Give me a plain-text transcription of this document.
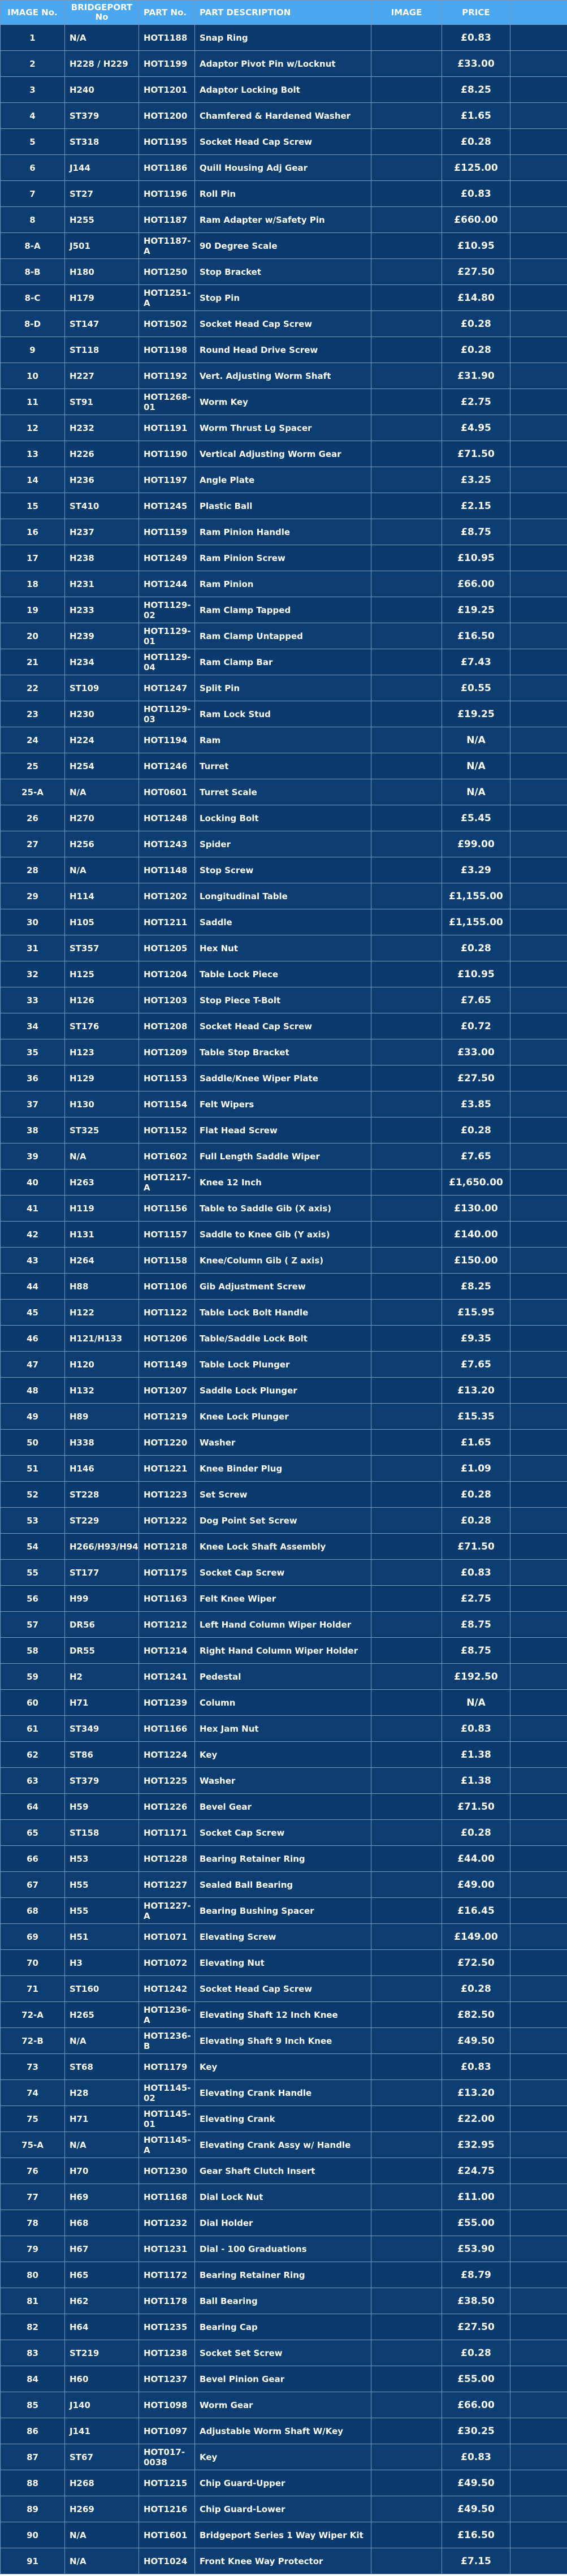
IMAGE No.	BRIDGEPORT No	PART No.	PART DESCRIPTION	IMAGE	PRICE	
1	N/A	HOT1188	Snap Ring		£0.83	
2	H228 / H229	HOT1199	Adaptor Pivot Pin w/Locknut		£33.00	
3	H240	HOT1201	Adaptor Locking Bolt		£8.25	
4	ST379	HOT1200	Chamfered & Hardened Washer		£1.65	
5	ST318	HOT1195	Socket Head Cap Screw		£0.28	
6	J144	HOT1186	Quill Housing Adj Gear		£125.00	
7	ST27	HOT1196	Roll Pin		£0.83	
8	H255	HOT1187	Ram Adapter w/Safety Pin		£660.00	
8-A	J501	HOT1187-A	90 Degree Scale		£10.95	
8-B	H180	HOT1250	Stop Bracket		£27.50	
8-C	H179	HOT1251-A	Stop Pin		£14.80	
8-D	ST147	HOT1502	Socket Head Cap Screw		£0.28	
9	ST118	HOT1198	Round Head Drive Screw		£0.28	
10	H227	HOT1192	Vert. Adjusting Worm Shaft		£31.90	
11	ST91	HOT1268-01	Worm Key		£2.75	
12	H232	HOT1191	Worm Thrust Lg Spacer		£4.95	
13	H226	HOT1190	Vertical Adjusting Worm Gear		£71.50	
14	H236	HOT1197	Angle Plate		£3.25	
15	ST410	HOT1245	Plastic Ball		£2.15	
16	H237	HOT1159	Ram Pinion Handle		£8.75	
17	H238	HOT1249	Ram Pinion Screw		£10.95	
18	H231	HOT1244	Ram Pinion		£66.00	
19	H233	HOT1129-02	Ram Clamp Tapped		£19.25	
20	H239	HOT1129-01	Ram Clamp Untapped		£16.50	
21	H234	HOT1129-04	Ram Clamp Bar		£7.43	
22	ST109	HOT1247	Split Pin		£0.55	
23	H230	HOT1129-03	Ram Lock Stud		£19.25	
24	H224	HOT1194	Ram		N/A	
25	H254	HOT1246	Turret		N/A	
25-A	N/A	HOT0601	Turret Scale		N/A	
26	H270	HOT1248	Locking Bolt		£5.45	
27	H256	HOT1243	Spider		£99.00	
28	N/A	HOT1148	Stop Screw		£3.29	
29	H114	HOT1202	Longitudinal Table		£1,155.00	
30	H105	HOT1211	Saddle		£1,155.00	
31	ST357	HOT1205	Hex Nut		£0.28	
32	H125	HOT1204	Table Lock Piece		£10.95	
33	H126	HOT1203	Stop Piece T-Bolt		£7.65	
34	ST176	HOT1208	Socket Head Cap Screw		£0.72	
35	H123	HOT1209	Table Stop Bracket		£33.00	
36	H129	HOT1153	Saddle/Knee Wiper Plate		£27.50	
37	H130	HOT1154	Felt Wipers		£3.85	
38	ST325	HOT1152	Flat Head Screw		£0.28	
39	N/A	HOT1602	Full Length Saddle Wiper		£7.65	
40	H263	HOT1217-A	Knee 12 Inch		£1,650.00	
41	H119	HOT1156	Table to Saddle Gib (X axis)		£130.00	
42	H131	HOT1157	Saddle to Knee Gib (Y axis)		£140.00	
43	H264	HOT1158	Knee/Column Gib ( Z axis)		£150.00	
44	H88	HOT1106	Gib Adjustment Screw		£8.25	
45	H122	HOT1122	Table Lock Bolt Handle		£15.95	
46	H121/H133	HOT1206	Table/Saddle Lock Bolt		£9.35	
47	H120	HOT1149	Table Lock Plunger		£7.65	
48	H132	HOT1207	Saddle Lock Plunger		£13.20	
49	H89	HOT1219	Knee Lock Plunger		£15.35	
50	H338	HOT1220	Washer		£1.65	
51	H146	HOT1221	Knee Binder Plug		£1.09	
52	ST228	HOT1223	Set Screw		£0.28	
53	ST229	HOT1222	Dog Point Set Screw		£0.28	
54	H266/H93/H94	HOT1218	Knee Lock Shaft Assembly		£71.50	
55	ST177	HOT1175	Socket Cap Screw		£0.83	
56	H99	HOT1163	Felt Knee Wiper		£2.75	
57	DR56	HOT1212	Left Hand Column Wiper Holder		£8.75	
58	DR55	HOT1214	Right Hand Column Wiper Holder		£8.75	
59	H2	HOT1241	Pedestal		£192.50	
60	H71	HOT1239	Column		N/A	
61	ST349	HOT1166	Hex Jam Nut		£0.83	
62	ST86	HOT1224	Key		£1.38	
63	ST379	HOT1225	Washer		£1.38	
64	H59	HOT1226	Bevel Gear		£71.50	
65	ST158	HOT1171	Socket Cap Screw		£0.28	
66	H53	HOT1228	Bearing Retainer Ring		£44.00	
67	H55	HOT1227	Sealed Ball Bearing		£49.00	
68	H55	HOT1227-A	Bearing Bushing Spacer		£16.45	
69	H51	HOT1071	Elevating Screw		£149.00	
70	H3	HOT1072	Elevating Nut		£72.50	
71	ST160	HOT1242	Socket Head Cap Screw		£0.28	
72-A	H265	HOT1236-A	Elevating Shaft 12 Inch Knee		£82.50	
72-B	N/A	HOT1236-B	Elevating Shaft 9 Inch Knee		£49.50	
73	ST68	HOT1179	Key		£0.83	
74	H28	HOT1145-02	Elevating Crank Handle		£13.20	
75	H71	HOT1145-01	Elevating Crank		£22.00	
75-A	N/A	HOT1145-A	Elevating Crank Assy w/ Handle		£32.95	
76	H70	HOT1230	Gear Shaft Clutch Insert		£24.75	
77	H69	HOT1168	Dial Lock Nut		£11.00	
78	H68	HOT1232	Dial Holder		£55.00	
79	H67	HOT1231	Dial - 100 Graduations		£53.90	
80	H65	HOT1172	Bearing Retainer Ring		£8.79	
81	H62	HOT1178	Ball Bearing		£38.50	
82	H64	HOT1235	Bearing Cap		£27.50	
83	ST219	HOT1238	Socket Set Screw		£0.28	
84	H60	HOT1237	Bevel Pinion Gear		£55.00	
85	J140	HOT1098	Worm Gear		£66.00	
86	J141	HOT1097	Adjustable Worm Shaft W/Key		£30.25	
87	ST67	HOT017-0038	Key		£0.83	
88	H268	HOT1215	Chip Guard-Upper		£49.50	
89	H269	HOT1216	Chip Guard-Lower		£49.50	
90	N/A	HOT1601	Bridgeport Series 1 Way Wiper Kit		£16.50	
91	N/A	HOT1024	Front Knee Way Protector		£7.15	
